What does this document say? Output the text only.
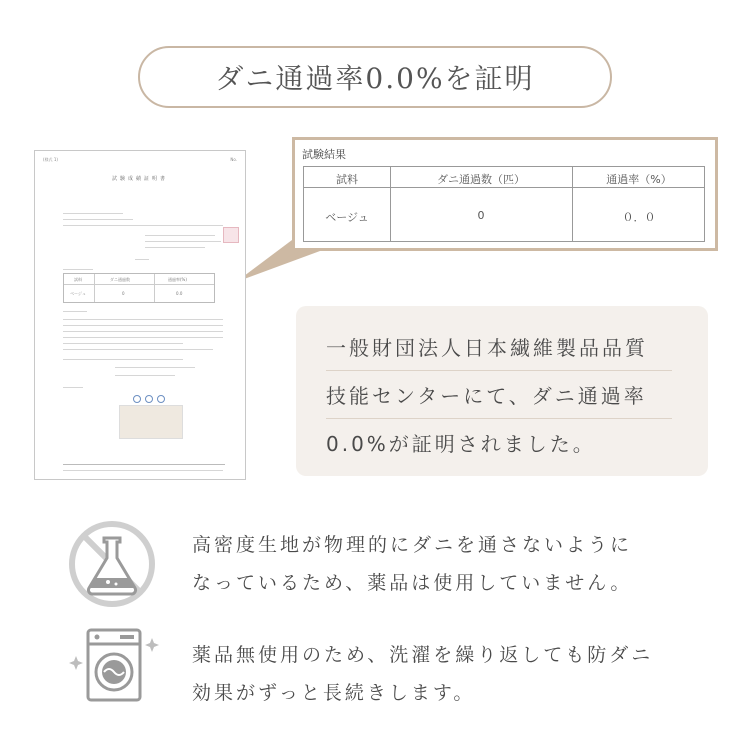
ダニ通過率0.0%を証明
(様式 1)	No.
試験成績証明書
試料	ダニ通過数	通過率(%)
ベージュ	0	0.0
試験結果
試料	ダニ通過数（匹）	通過率（%）
ベージュ	0	０．０
一般財団法人日本繊維製品品質
技能センターにて、ダニ通過率
0.0%が証明されました。
高密度生地が物理的にダニを通さないように
なっているため、薬品は使用していません。
薬品無使用のため、洗濯を繰り返しても防ダニ
効果がずっと長続きします。
